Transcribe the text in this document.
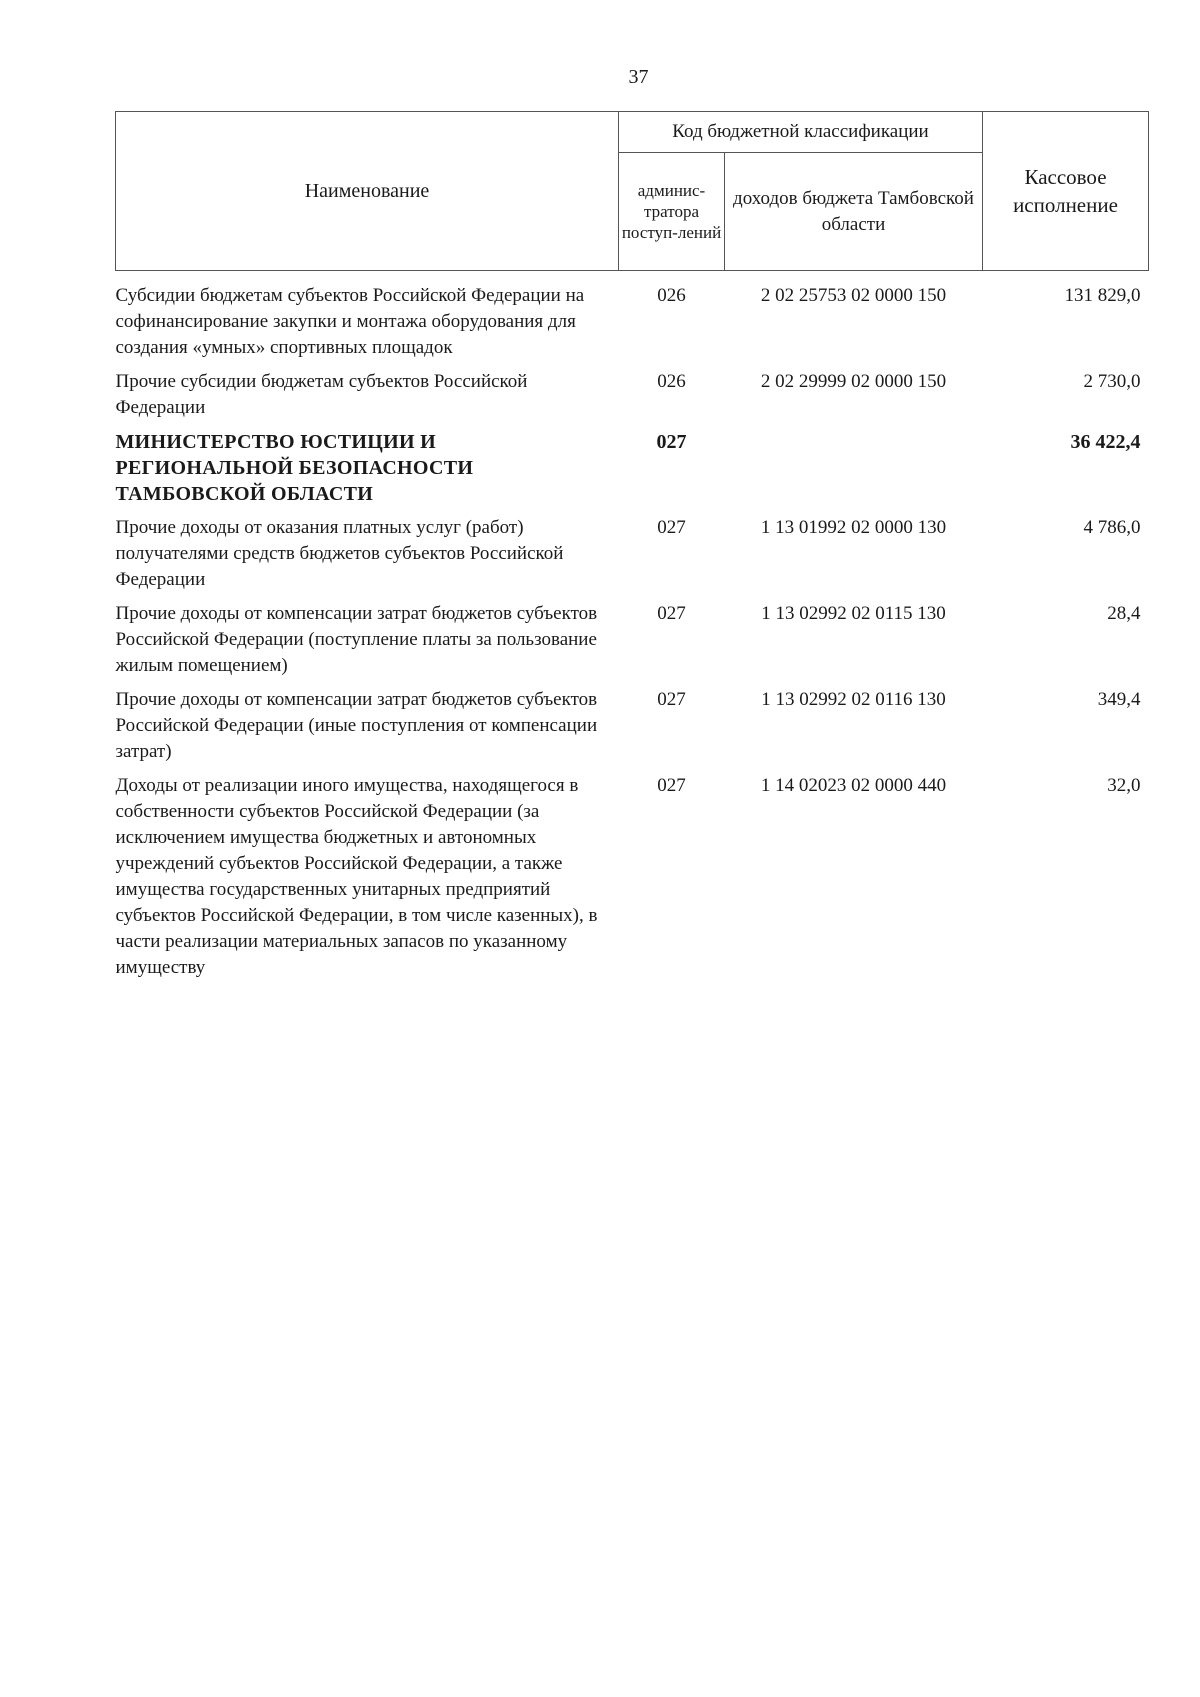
37
Наименование	Код бюджетной классификации		Кассовое исполнение
	админис-тратора поступ-лений	доходов бюджета Тамбовской области	
Субсидии бюджетам субъектов Российской Федерации на софинансирование закупки и монтажа оборудования для создания «умных» спортивных площадок	026	2 02 25753 02 0000 150	131 829,0
Прочие субсидии бюджетам субъектов Российской Федерации	026	2 02 29999 02 0000 150	2 730,0
МИНИСТЕРСТВО ЮСТИЦИИ И РЕГИОНАЛЬНОЙ БЕЗОПАСНОСТИ ТАМБОВСКОЙ ОБЛАСТИ	027		36 422,4
Прочие доходы от оказания платных услуг (работ) получателями средств бюджетов субъектов Российской Федерации	027	1 13 01992 02 0000 130	4 786,0
Прочие доходы от компенсации затрат бюджетов субъектов Российской Федерации (поступление платы за пользование жилым помещением)	027	1 13 02992 02 0115 130	28,4
Прочие доходы от компенсации затрат бюджетов субъектов Российской Федерации (иные поступления от компенсации затрат)	027	1 13 02992 02 0116 130	349,4
Доходы от реализации иного имущества, находящегося в собственности субъектов Российской Федерации (за исключением имущества бюджетных и автономных учреждений субъектов Российской Федерации, а также имущества государственных унитарных предприятий субъектов Российской Федерации, в том числе казенных), в части реализации материальных запасов по указанному имуществу	027	1 14 02023 02 0000 440	32,0
